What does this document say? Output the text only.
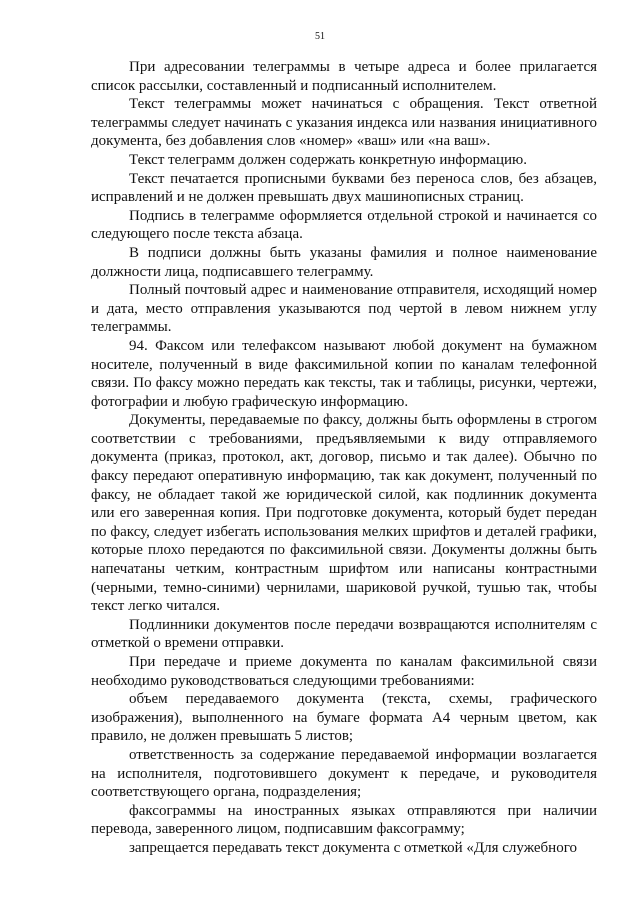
51

При адресовании телеграммы в четыре адреса и более прилагается список рассылки, составленный и подписанный исполнителем.

Текст телеграммы может начинаться с обращения. Текст ответной телеграммы следует начинать с указания индекса или названия инициативного документа, без добавления слов «номер» «ваш» или «на ваш».

Текст телеграмм должен содержать конкретную информацию.

Текст печатается прописными буквами без переноса слов, без абзацев, исправлений и не должен превышать двух машинописных страниц.

Подпись в телеграмме оформляется отдельной строкой и начинается со следующего после текста абзаца.

В подписи должны быть указаны фамилия и полное наименование должности лица, подписавшего телеграмму.

Полный почтовый адрес и наименование отправителя, исходящий номер и дата, место отправления указываются под чертой в левом нижнем углу телеграммы.

94. Факсом или телефаксом называют любой документ на бумажном носителе, полученный в виде факсимильной копии по каналам телефонной связи. По факсу можно передать как тексты, так и таблицы, рисунки, чертежи, фотографии и любую графическую информацию.

Документы, передаваемые по факсу, должны быть оформлены в строгом соответствии с требованиями, предъявляемыми к виду отправляемого документа (приказ, протокол, акт, договор, письмо и так далее). Обычно по факсу передают оперативную информацию, так как документ, полученный по факсу, не обладает такой же юридической силой, как подлинник документа или его заверенная копия. При подготовке документа, который будет передан по факсу, следует избегать использования мелких шрифтов и деталей графики, которые плохо передаются по факсимильной связи. Документы должны быть напечатаны четким, контрастным шрифтом или написаны контрастными (черными, темно-синими) чернилами, шариковой ручкой, тушью так, чтобы текст легко читался.

Подлинники документов после передачи возвращаются исполнителям с отметкой о времени отправки.

При передаче и приеме документа по каналам факсимильной связи необходимо руководствоваться следующими требованиями:

объем передаваемого документа (текста, схемы, графического изображения), выполненного на бумаге формата А4 черным цветом, как правило, не должен превышать 5 листов;

ответственность за содержание передаваемой информации возлагается на исполнителя, подготовившего документ к передаче, и руководителя соответствующего органа, подразделения;

факсограммы на иностранных языках отправляются при наличии перевода, заверенного лицом, подписавшим факсограмму;

запрещается передавать текст документа с отметкой «Для служебного
